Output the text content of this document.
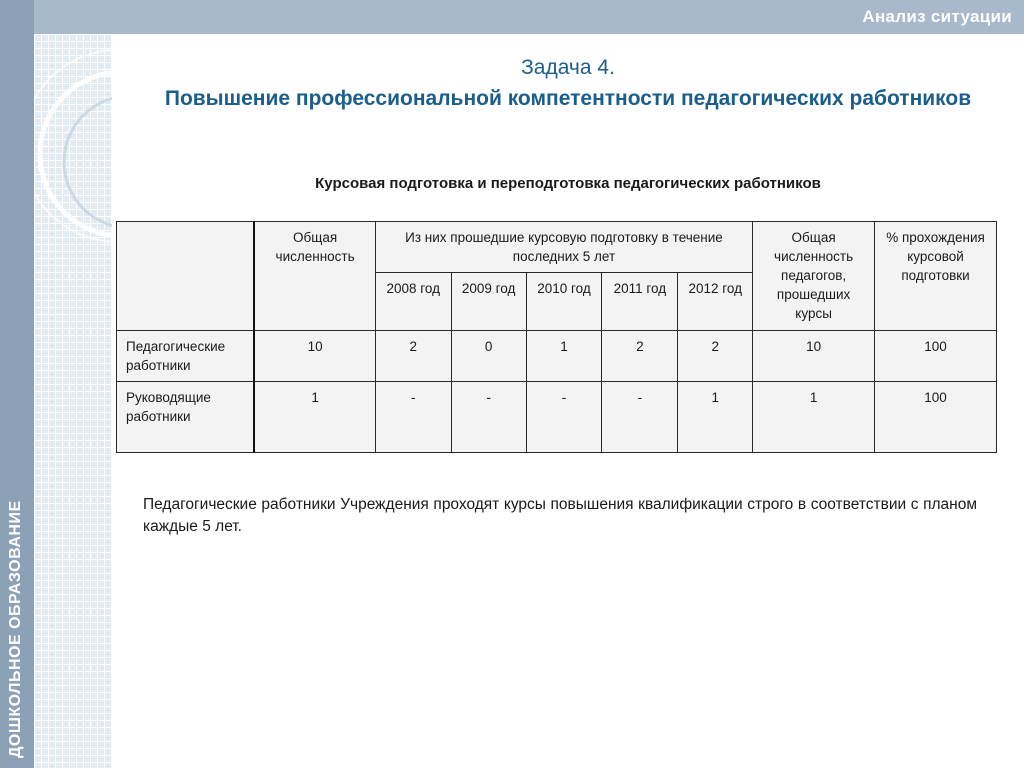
Анализ ситуации
ДОШКОЛЬНОЕ ОБРАЗОВАНИЕ
Задача 4.
Повышение профессиональной компетентности педагогических работников
Курсовая подготовка и переподготовка педагогических работников
	Общая численность	Из них прошедшие курсовую подготовку в течение последних 5 лет					Общая численность педагогов, прошедших курсы	% прохождения курсовой подготовки
		2008 год	2009 год	2010 год	2011 год	2012 год		
Педагогические работники	10	2	0	1	2	2	10	100
Руководящие работники	1	-	-	-	-	1	1	100
Педагогические работники Учреждения проходят курсы повышения квалификации строго в соответствии с планом каждые 5 лет.
